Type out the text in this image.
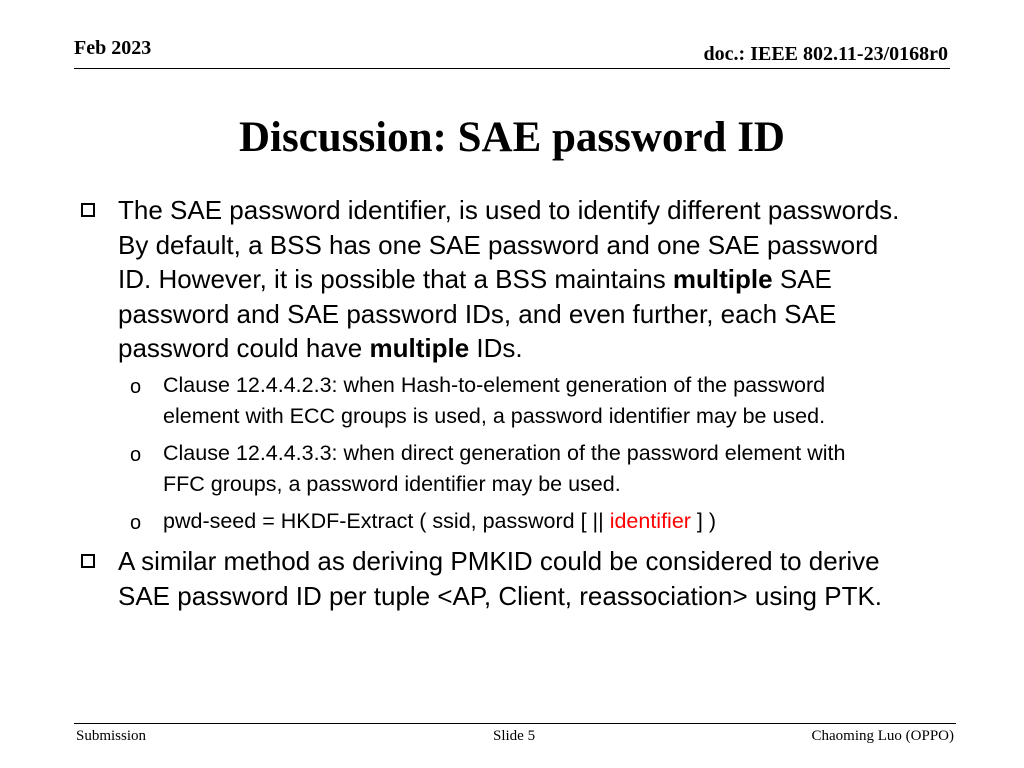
Feb 2023	doc.: IEEE 802.11-23/0168r0
Discussion: SAE password ID
The SAE password identifier, is used to identify different passwords.
By default, a BSS has one SAE password and one SAE password
ID. However, it is possible that a BSS maintains multiple SAE
password and SAE password IDs, and even further, each SAE
password could have multiple IDs.
o Clause 12.4.4.2.3: when Hash-to-element generation of the password
element with ECC groups is used, a password identifier may be used.
o Clause 12.4.4.3.3: when direct generation of the password element with
FFC groups, a password identifier may be used.
o pwd-seed = HKDF-Extract ( ssid, password [ || identifier ] )
A similar method as deriving PMKID could be considered to derive
SAE password ID per tuple <AP, Client, reassociation> using PTK.
Submission	Slide 5	Chaoming Luo (OPPO)
